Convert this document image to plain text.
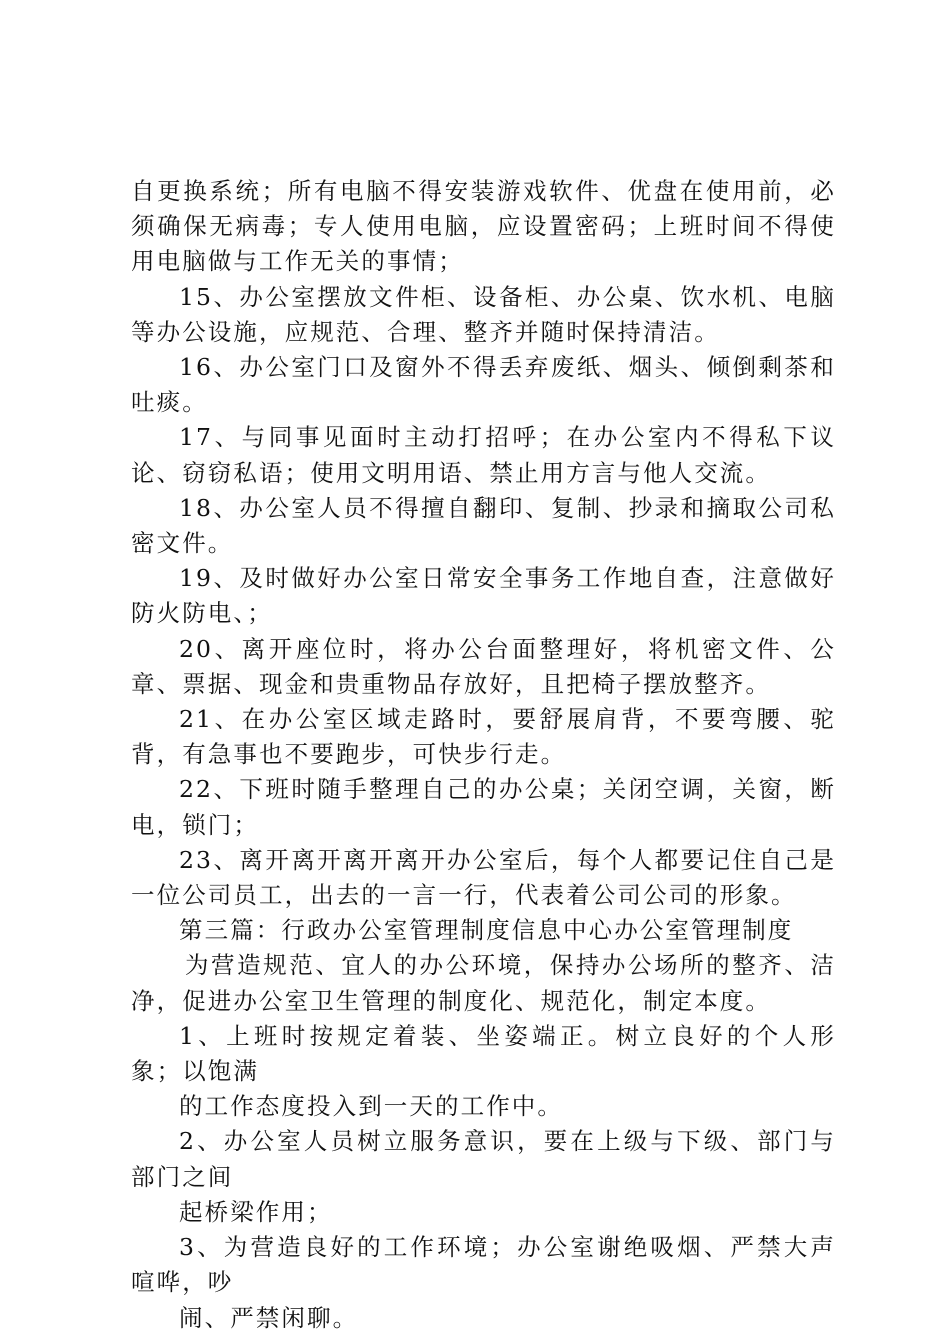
自更换系统；所有电脑不得安装游戏软件、优盘在使用前，必须确保无病毒；专人使用电脑，应设置密码；上班时间不得使用电脑做与工作无关的事情；

15、办公室摆放文件柜、设备柜、办公桌、饮水机、电脑等办公设施，应规范、合理、整齐并随时保持清洁。

16、办公室门口及窗外不得丢弃废纸、烟头、倾倒剩茶和吐痰。

17、与同事见面时主动打招呼；在办公室内不得私下议论、窃窃私语；使用文明用语、禁止用方言与他人交流。

18、办公室人员不得擅自翻印、复制、抄录和摘取公司私密文件。

19、及时做好办公室日常安全事务工作地自查，注意做好防火防电、；

20、离开座位时，将办公台面整理好，将机密文件、公章、票据、现金和贵重物品存放好，且把椅子摆放整齐。

21、在办公室区域走路时，要舒展肩背，不要弯腰、驼背，有急事也不要跑步，可快步行走。

22、下班时随手整理自己的办公桌；关闭空调，关窗，断电，锁门；

23、离开离开离开离开办公室后，每个人都要记住自己是一位公司员工，出去的一言一行，代表着公司公司的形象。

第三篇：行政办公室管理制度信息中心办公室管理制度

为营造规范、宜人的办公环境，保持办公场所的整齐、洁净，促进办公室卫生管理的制度化、规范化，制定本度。

1、上班时按规定着装、坐姿端正。树立良好的个人形象；以饱满

的工作态度投入到一天的工作中。

2、办公室人员树立服务意识，要在上级与下级、部门与部门之间

起桥梁作用；

3、为营造良好的工作环境；办公室谢绝吸烟、严禁大声喧哗，吵

闹、严禁闲聊。
